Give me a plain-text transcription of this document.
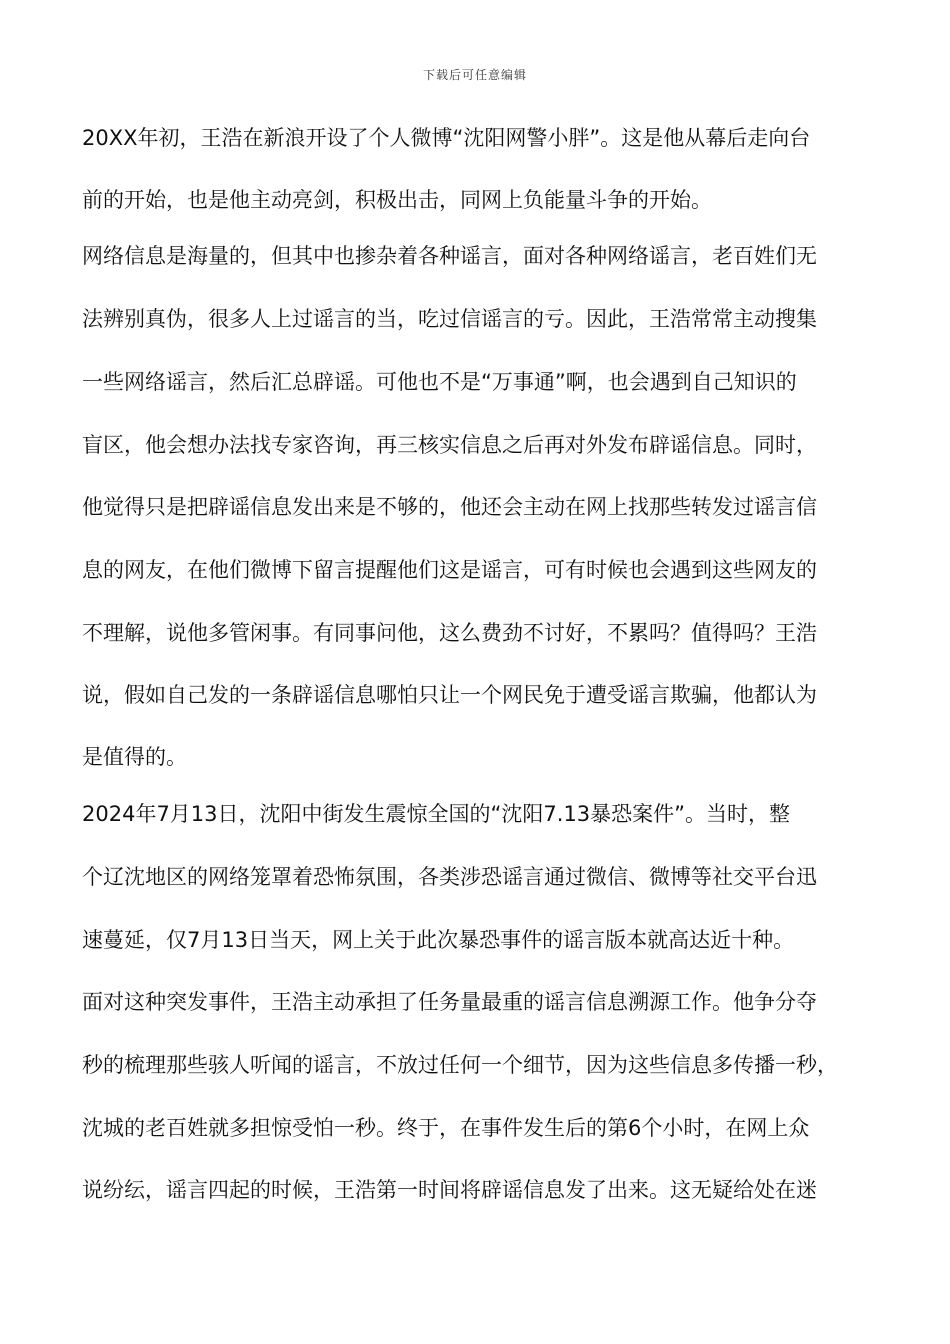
下载后可任意编辑
20XX年初，王浩在新浪开设了个人微博“沈阳网警小胖”。这是他从幕后走向台
前的开始，也是他主动亮剑，积极出击，同网上负能量斗争的开始。
网络信息是海量的，但其中也掺杂着各种谣言，面对各种网络谣言，老百姓们无
法辨别真伪，很多人上过谣言的当，吃过信谣言的亏。因此，王浩常常主动搜集
一些网络谣言，然后汇总辟谣。可他也不是“万事通”啊，也会遇到自己知识的
盲区，他会想办法找专家咨询，再三核实信息之后再对外发布辟谣信息。同时，
他觉得只是把辟谣信息发出来是不够的，他还会主动在网上找那些转发过谣言信
息的网友，在他们微博下留言提醒他们这是谣言，可有时候也会遇到这些网友的
不理解，说他多管闲事。有同事问他，这么费劲不讨好，不累吗？值得吗？王浩
说，假如自己发的一条辟谣信息哪怕只让一个网民免于遭受谣言欺骗，他都认为
是值得的。
2024年7月13日，沈阳中街发生震惊全国的“沈阳7.13暴恐案件”。当时，整
个辽沈地区的网络笼罩着恐怖氛围，各类涉恐谣言通过微信、微博等社交平台迅
速蔓延，仅7月13日当天，网上关于此次暴恐事件的谣言版本就高达近十种。
面对这种突发事件，王浩主动承担了任务量最重的谣言信息溯源工作。他争分夺
秒的梳理那些骇人听闻的谣言，不放过任何一个细节，因为这些信息多传播一秒，
沈城的老百姓就多担惊受怕一秒。终于，在事件发生后的第6个小时，在网上众
说纷纭，谣言四起的时候，王浩第一时间将辟谣信息发了出来。这无疑给处在迷
